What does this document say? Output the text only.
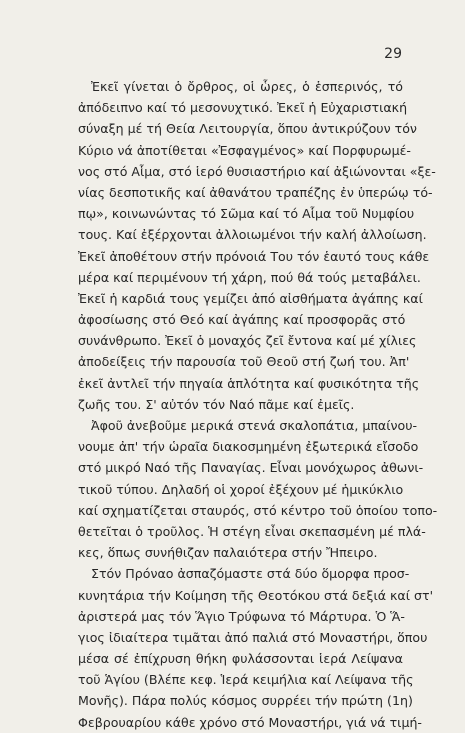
29
Ἐκεῖ γίνεται ὁ ὄρθρος, οἱ ὧρες, ὁ ἑσπερινός, τό
ἀπόδειπνο καί τό μεσονυχτικό. Ἐκεῖ ἡ Εὐχαριστιακή
σύναξη μέ τή Θεία Λειτουργία, ὅπου ἀντικρύζουν τόν
Κύριο νά ἀποτίθεται «Ἐσφαγμένος» καί Πορφυρωμέ-
νος στό Αἷμα, στό ἱερό θυσιαστήριο καί ἀξιώνονται «ξε-
νίας δεσποτικῆς καί ἀθανάτου τραπέζης ἐν ὑπερώῳ τό-
πῳ», κοινωνώντας τό Σῶμα καί τό Αἷμα τοῦ Νυμφίου
τους. Καί ἐξέρχονται ἀλλοιωμένοι τήν καλή ἀλλοίωση.
Ἐκεῖ ἀποθέτουν στήν πρόνοιά Του τόν ἑαυτό τους κάθε
μέρα καί περιμένουν τή χάρη, πού θά τούς μεταβάλει.
Ἐκεῖ ἡ καρδιά τους γεμίζει ἀπό αἰσθήματα ἀγάπης καί
ἀφοσίωσης στό Θεό καί ἀγάπης καί προσφορᾶς στό
συνάνθρωπο. Ἐκεῖ ὁ μοναχός ζεῖ ἔντονα καί μέ χίλιες
ἀποδείξεις τήν παρουσία τοῦ Θεοῦ στή ζωή του. Ἀπ'
ἐκεῖ ἀντλεῖ τήν πηγαία ἁπλότητα καί φυσικότητα τῆς
ζωῆς του. Σ' αὐτόν τόν Ναό πᾶμε καί ἐμεῖς.
Ἀφοῦ ἀνεβοῦμε μερικά στενά σκαλοπάτια, μπαίνου-
νουμε ἀπ' τήν ὡραῖα διακοσμημένη ἐξωτερικά εἴσοδο
στό μικρό Ναό τῆς Παναγίας. Εἶναι μονόχωρος ἀθωνι-
τικοῦ τύπου. Δηλαδή οἱ χοροί ἐξέχουν μέ ἡμικύκλιο
καί σχηματίζεται σταυρός, στό κέντρο τοῦ ὁποίου τοπο-
θετεῖται ὁ τροῦλος. Ἡ στέγη εἶναι σκεπασμένη μέ πλά-
κες, ὅπως συνήθιζαν παλαιότερα στήν Ἤπειρο.
Στόν Πρόναο ἀσπαζόμαστε στά δύο ὅμορφα προσ-
κυνητάρια τήν Κοίμηση τῆς Θεοτόκου στά δεξιά καί στ'
ἀριστερά μας τόν Ἅγιο Τρύφωνα τό Μάρτυρα. Ὁ Ἅ-
γιος ἰδιαίτερα τιμᾶται ἀπό παλιά στό Μοναστήρι, ὅπου
μέσα σέ ἐπίχρυση θήκη φυλάσσονται ἱερά Λείψανα
τοῦ Ἁγίου (Βλέπε κεφ. Ἱερά κειμήλια καί Λείψανα τῆς
Μονῆς). Πάρα πολύς κόσμος συρρέει τήν πρώτη (1η)
Φεβρουαρίου κάθε χρόνο στό Μοναστήρι, γιά νά τιμή-
